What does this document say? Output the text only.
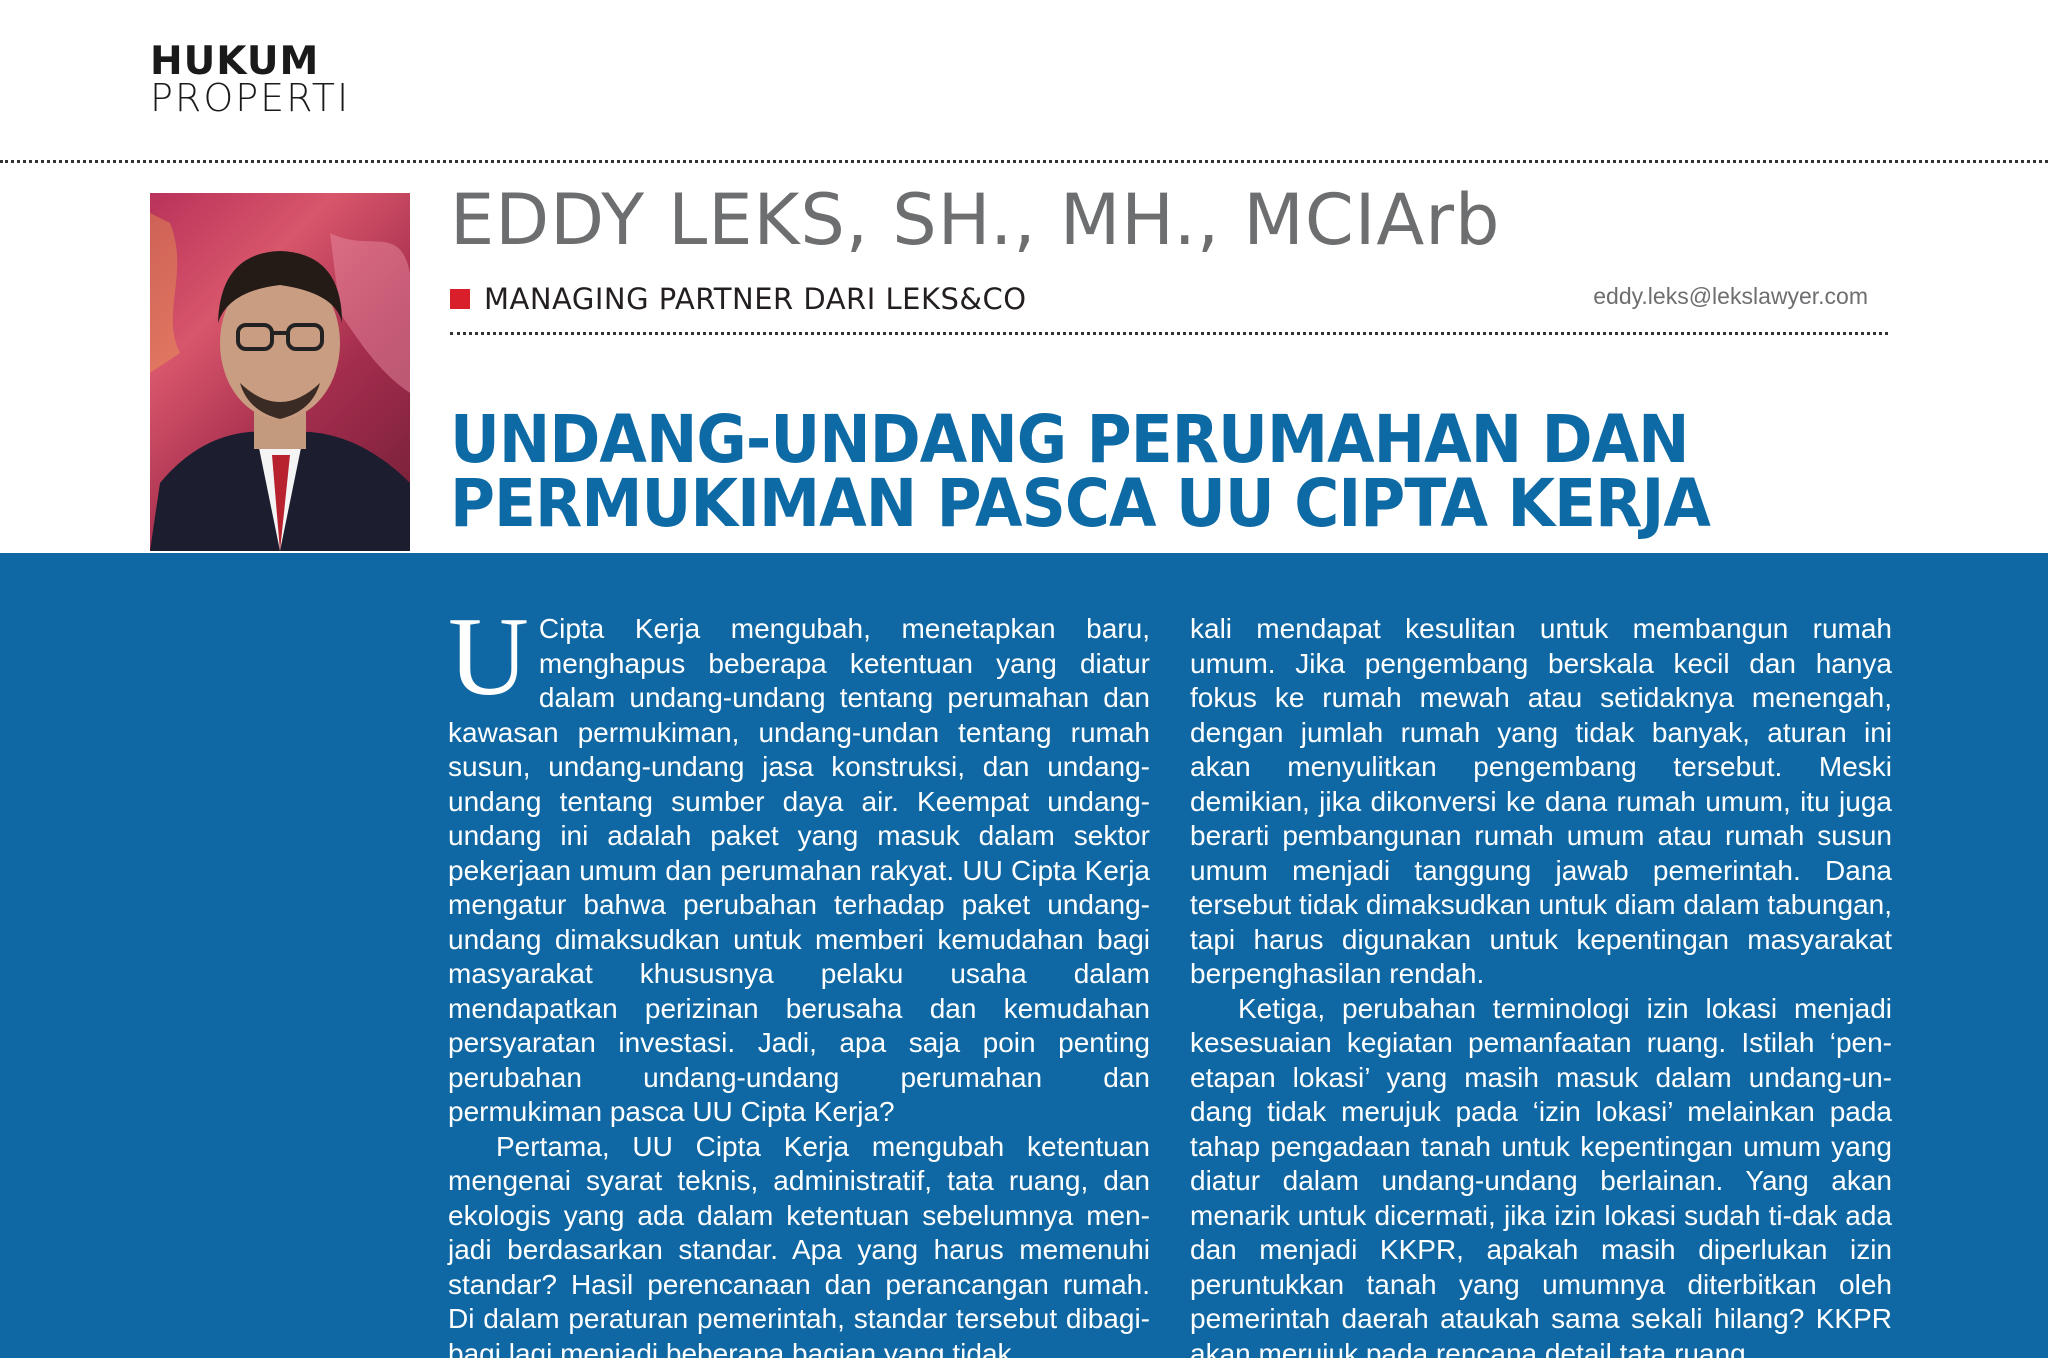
HUKUM
PROPERTI
EDDY LEKS, SH., MH., MCIArb
MANAGING PARTNER DARI LEKS&CO	eddy.leks@lekslawyer.com
UNDANG-UNDANG PERUMAHAN DAN
PERMUKIMAN PASCA UU CIPTA KERJA
U Cipta Kerja mengubah, menetapkan baru, menghapus beberapa ketentuan yang diatur dalam undang-undang tentang perumahan dan kawasan permukiman, undang-undan tentang rumah susun, undang-undang jasa konstruksi, dan undang-undang tentang sumber daya air. Keempat undang-undang ini adalah paket yang masuk dalam sektor pekerjaan umum dan perumahan rakyat. UU Cipta Kerja mengatur bahwa perubahan terhadap paket undang-undang dimaksudkan untuk memberi kemudahan bagi masyarakat khususnya pelaku usaha dalam mendapatkan perizinan berusaha dan kemudahan persyaratan investasi. Jadi, apa saja poin penting perubahan undang-undang perumahan dan permukiman pasca UU Cipta Kerja?

Pertama, UU Cipta Kerja mengubah ketentuan mengenai syarat teknis, administratif, tata ruang, dan ekologis yang ada dalam ketentuan sebelumnya men-jadi berdasarkan standar. Apa yang harus memenuhi standar? Hasil perencanaan dan perancangan rumah. Di dalam peraturan pemerintah, standar tersebut dibagi-bagi lagi menjadi beberapa bagian yang tidak

kali mendapat kesulitan untuk membangun rumah umum. Jika pengembang berskala kecil dan hanya fokus ke rumah mewah atau setidaknya menengah, dengan jumlah rumah yang tidak banyak, aturan ini akan menyulitkan pengembang tersebut. Meski demikian, jika dikonversi ke dana rumah umum, itu juga berarti pembangunan rumah umum atau rumah susun umum menjadi tanggung jawab pemerintah. Dana tersebut tidak dimaksudkan untuk diam dalam tabungan, tapi harus digunakan untuk kepentingan masyarakat berpenghasilan rendah.

Ketiga, perubahan terminologi izin lokasi menjadi kesesuaian kegiatan pemanfaatan ruang. Istilah ‘pen-etapan lokasi’ yang masih masuk dalam undang-un-dang tidak merujuk pada ‘izin lokasi’ melainkan pada tahap pengadaan tanah untuk kepentingan umum yang diatur dalam undang-undang berlainan. Yang akan menarik untuk dicermati, jika izin lokasi sudah ti-dak ada dan menjadi KKPR, apakah masih diperlukan izin peruntukkan tanah yang umumnya diterbitkan oleh pemerintah daerah ataukah sama sekali hilang? KKPR akan merujuk pada rencana detail tata ruang
